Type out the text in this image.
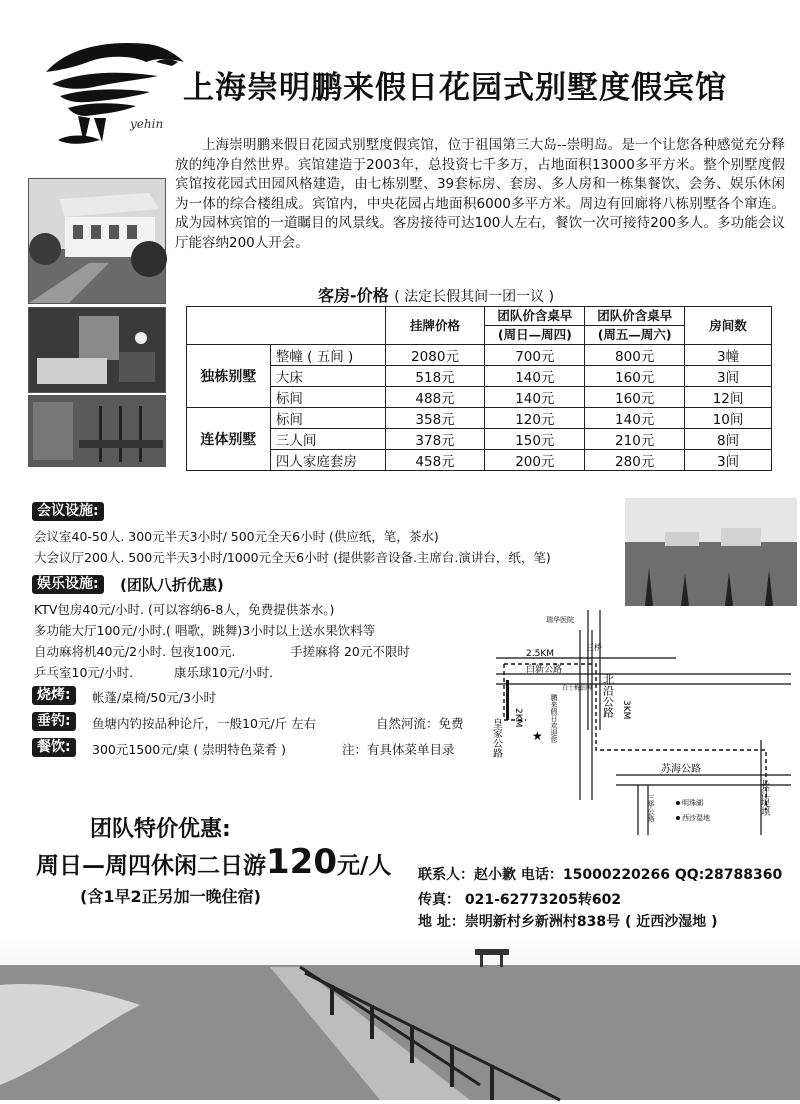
yehin
上海崇明鹏来假日花园式别墅度假宾馆
上海崇明鹏来假日花园式别墅度假宾馆，位于祖国第三大岛--崇明岛。是一个让您各种感觉充分释放的纯净自然世界。宾馆建造于2003年，总投资七千多万，占地面积13000多平方米。整个别墅度假宾馆按花园式田园风格建造，由七栋别墅、39套标房、套房、多人房和一栋集餐饮、会务、娱乐休闲为一体的综合楼组成。宾馆内，中央花园占地面积6000多平方米。周边有回廊将八栋别墅各个窜连。成为园林宾馆的一道瞩目的风景线。客房接待可达100人左右，餐饮一次可接待200多人。多功能会议厅能容纳200人开会。
客房-价格 ( 法定长假其间一团一议 )
		挂牌价格	团队价含桌早	团队价含桌早	房间数
			(周日—周四)	(周五—周六)	
独栋别墅	整幢 ( 五间 )	2080元	700元	800元	3幢
	大床	518元	140元	160元	3间
	标间	488元	140元	160元	12间
连体别墅	标间	358元	120元	140元	10间
	三人间	378元	150元	210元	8间
	四人家庭套房	458元	200元	280元	3间
会议设施:
会议室40-50人. 300元半天3小时/ 500元全天6小时 (供应纸，笔，茶水)
大会议厅200人. 500元半天3小时/1000元全天6小时 (提供影音设备.主席台.演讲台，纸，笔)
娱乐设施:	(团队八折优惠)
KTV包房40元/小时. (可以容纳6-8人，免费提供茶水。)
多功能大厅100元/小时.( 唱歌，跳舞)3小时以上送水果饮料等
自动麻将机40元/2小时. 包夜100元.	手搓麻将 20元不限时
乒乓室10元/小时.	康乐球10元/小时.
烧烤:	帐蓬/桌椅/50元/3小时
垂钓:	鱼塘内钓按品种论斤，一般10元/斤 左右	自然河流：免费
餐饮:	300元1500元/桌 ( 崇明特色菜肴 )	注：有具体菜单目录
瑞华医院
三桥
2.5KM
白新公路
白士梅站牌
皇家公路
2KM	北沿公路 3KM
鹏来假日欢迎您
★
苏海公路
三华公路	明珠湖
西沙湿地
长江堤坝
团队特价优惠:
周日—周四休闲二日游120元/人
(含1早2正另加一晚住宿)
联系人：赵小歉 电话：15000220266 QQ:28788360
传真： 021-62773205转602
地 址：崇明新村乡新洲村838号 ( 近西沙湿地 )
